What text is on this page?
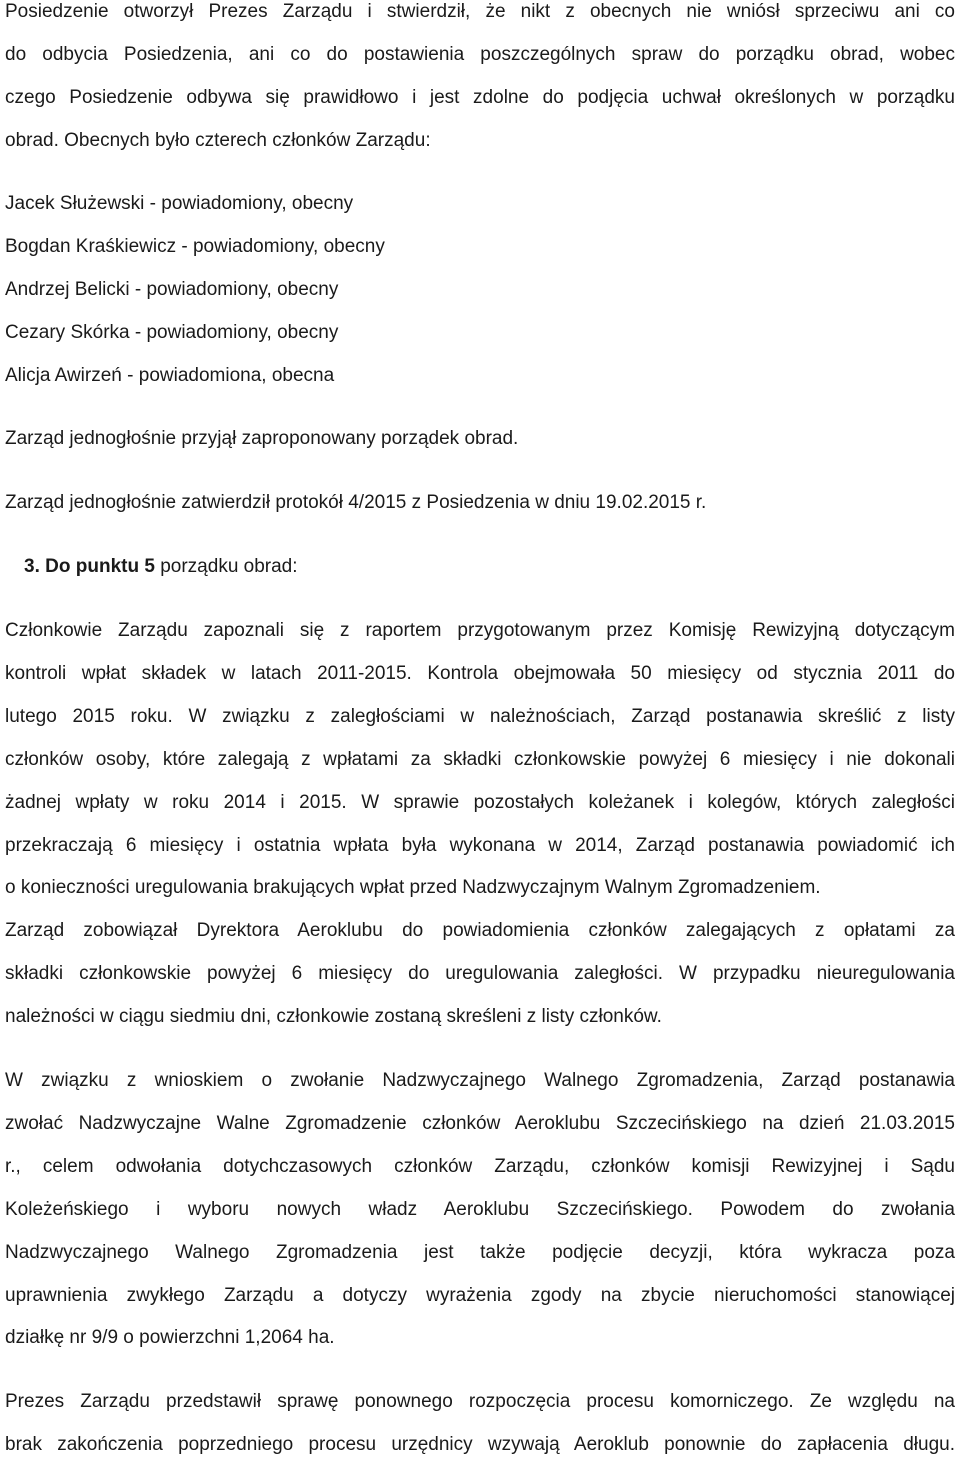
Posiedzenie otworzył Prezes Zarządu i stwierdził, że nikt z obecnych nie wniósł sprzeciwu ani co
do odbycia Posiedzenia, ani co do postawienia poszczególnych spraw do porządku obrad, wobec
czego Posiedzenie odbywa się prawidłowo i jest zdolne do podjęcia uchwał określonych w porządku
obrad. Obecnych było czterech członków Zarządu:
Jacek Służewski - powiadomiony, obecny
Bogdan Kraśkiewicz - powiadomiony, obecny
Andrzej Belicki - powiadomiony, obecny
Cezary Skórka - powiadomiony, obecny
Alicja Awirzeń - powiadomiona, obecna
Zarząd jednogłośnie przyjął zaproponowany porządek obrad.
Zarząd jednogłośnie zatwierdził protokół 4/2015 z Posiedzenia w dniu 19.02.2015 r.
3. Do punktu 5 porządku obrad:
Członkowie Zarządu zapoznali się z raportem przygotowanym przez Komisję Rewizyjną dotyczącym
kontroli wpłat składek w latach 2011-2015. Kontrola obejmowała 50 miesięcy od stycznia 2011 do
lutego 2015 roku. W związku z zaległościami w należnościach, Zarząd postanawia skreślić z listy
członków osoby, które zalegają z wpłatami za składki członkowskie powyżej 6 miesięcy i nie dokonali
żadnej wpłaty w roku 2014 i 2015. W sprawie pozostałych koleżanek i kolegów, których zaległości
przekraczają 6 miesięcy i ostatnia wpłata była wykonana w 2014, Zarząd postanawia powiadomić ich
o konieczności uregulowania brakujących wpłat przed Nadzwyczajnym Walnym Zgromadzeniem.
Zarząd zobowiązał Dyrektora Aeroklubu do powiadomienia członków zalegających z opłatami za
składki członkowskie powyżej 6 miesięcy do uregulowania zaległości. W przypadku nieuregulowania
należności w ciągu siedmiu dni, członkowie zostaną skreśleni z listy członków.
W związku z wnioskiem o zwołanie Nadzwyczajnego Walnego Zgromadzenia, Zarząd postanawia
zwołać Nadzwyczajne Walne Zgromadzenie członków Aeroklubu Szczecińskiego na dzień 21.03.2015
r., celem odwołania dotychczasowych członków Zarządu, członków komisji Rewizyjnej i Sądu
Koleżeńskiego i wyboru nowych władz Aeroklubu Szczecińskiego. Powodem do zwołania
Nadzwyczajnego Walnego Zgromadzenia jest także podjęcie decyzji, która wykracza poza
uprawnienia zwykłego Zarządu a dotyczy wyrażenia zgody na zbycie nieruchomości stanowiącej
działkę nr 9/9 o powierzchni 1,2064 ha.
Prezes Zarządu przedstawił sprawę ponownego rozpoczęcia procesu komorniczego. Ze względu na
brak zakończenia poprzedniego procesu urzędnicy wzywają Aeroklub ponownie do zapłacenia długu.
